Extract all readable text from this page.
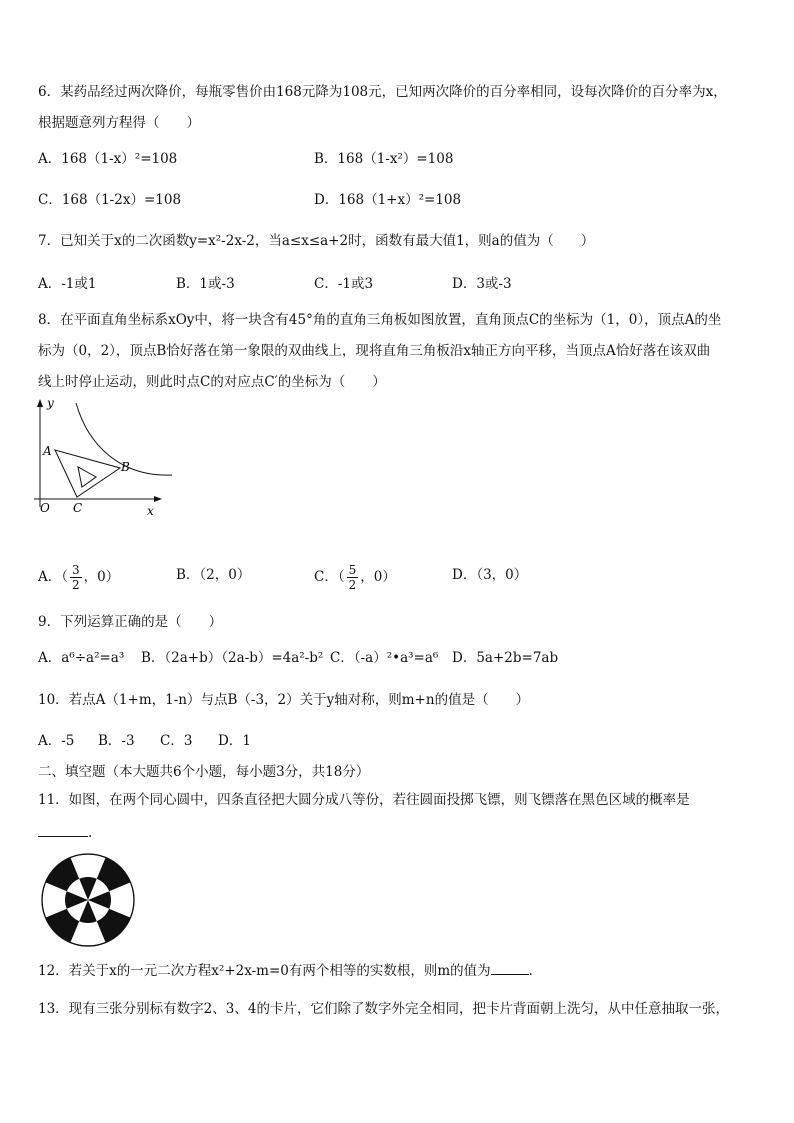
6．某药品经过两次降价，每瓶零售价由168元降为108元，已知两次降价的百分率相同，设每次降价的百分率为x，
根据题意列方程得（　　）
A．168（1-x）²=108	B．168（1-x²）=108
C．168（1-2x）=108	D．168（1+x）²=108
7．已知关于x的二次函数y=x²-2x-2，当a≤x≤a+2时，函数有最大值1，则a的值为（　　）
A．-1或1	B．1或-3	C．-1或3	D．3或-3
8．在平面直角坐标系xOy中，将一块含有45°角的直角三角板如图放置，直角顶点C的坐标为（1，0），顶点A的坐
标为（0，2），顶点B恰好落在第一象限的双曲线上，现将直角三角板沿x轴正方向平移，当顶点A恰好落在该双曲
线上时停止运动，则此时点C的对应点C′的坐标为（　　）
y
A
B
O C	x
A．（ $\frac{3}{2}$ ，0）	B．（2，0）	C．（ $\frac{5}{2}$ ，0）	D．（3，0）
9．下列运算正确的是（　　）
A．a⁶÷a²=a³ B．（2a+b）（2a-b）=4a²-b² C．（-a）²•a³=a⁶ D．5a+2b=7ab
10．若点A（1+m，1-n）与点B（-3，2）关于y轴对称，则m+n的值是（　　）
A．-5 B．-3 C．3 D．1
二、填空题（本大题共6个小题，每小题3分，共18分）
11．如图，在两个同心圆中，四条直径把大圆分成八等份，若往圆面投掷飞镖，则飞镖落在黑色区域的概率是
.
12．若关于x的一元二次方程x²+2x-m=0有两个相等的实数根，则m的值为	．
13．现有三张分别标有数字2、3、4的卡片，它们除了数字外完全相同，把卡片背面朝上洗匀，从中任意抽取一张，
